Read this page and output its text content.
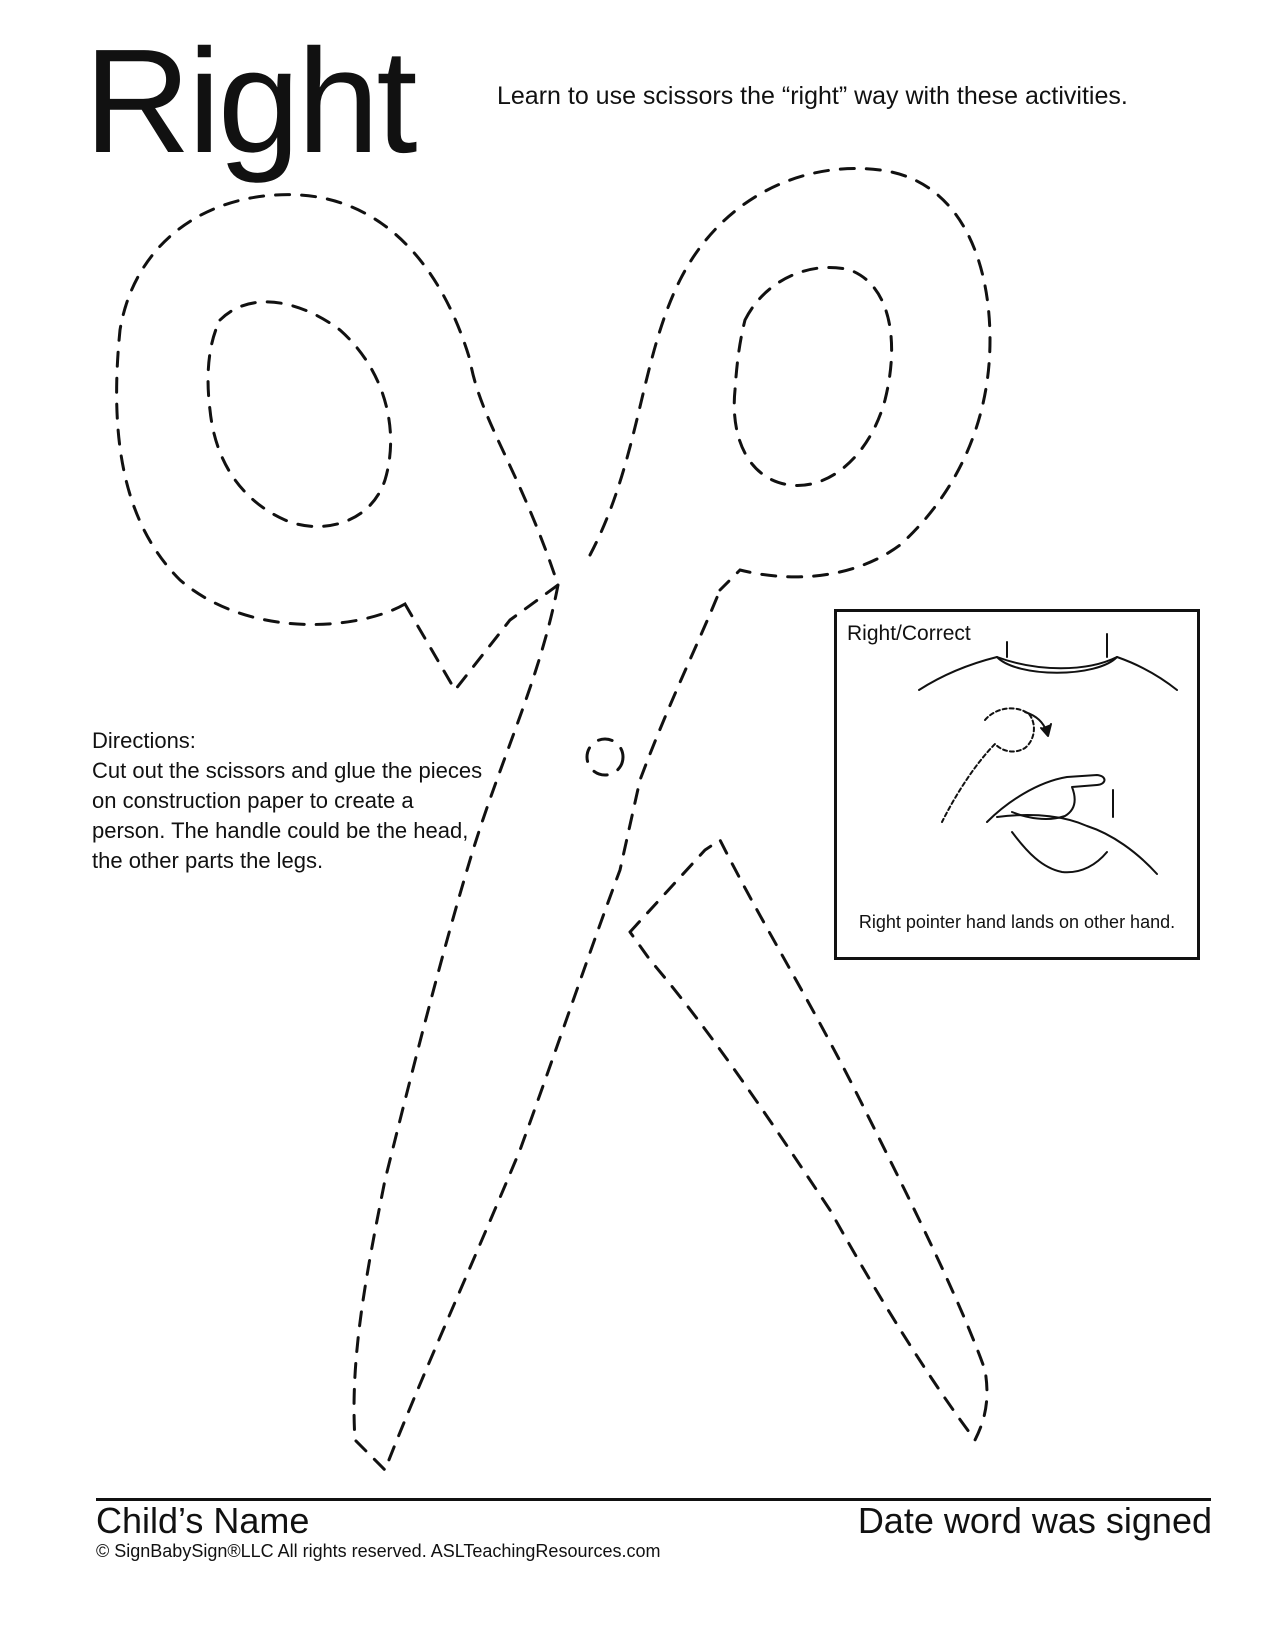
Right	Learn to use scissors the “right” way with these activities.
Directions:
Cut out the scissors and glue the pieces on construction paper to create a person. The handle could be the head, the other parts the legs.
Right/Correct
Right pointer hand lands on other hand.
Child’s Name	Date word was signed
© SignBabySign®LLC All rights reserved. ASLTeachingResources.com
